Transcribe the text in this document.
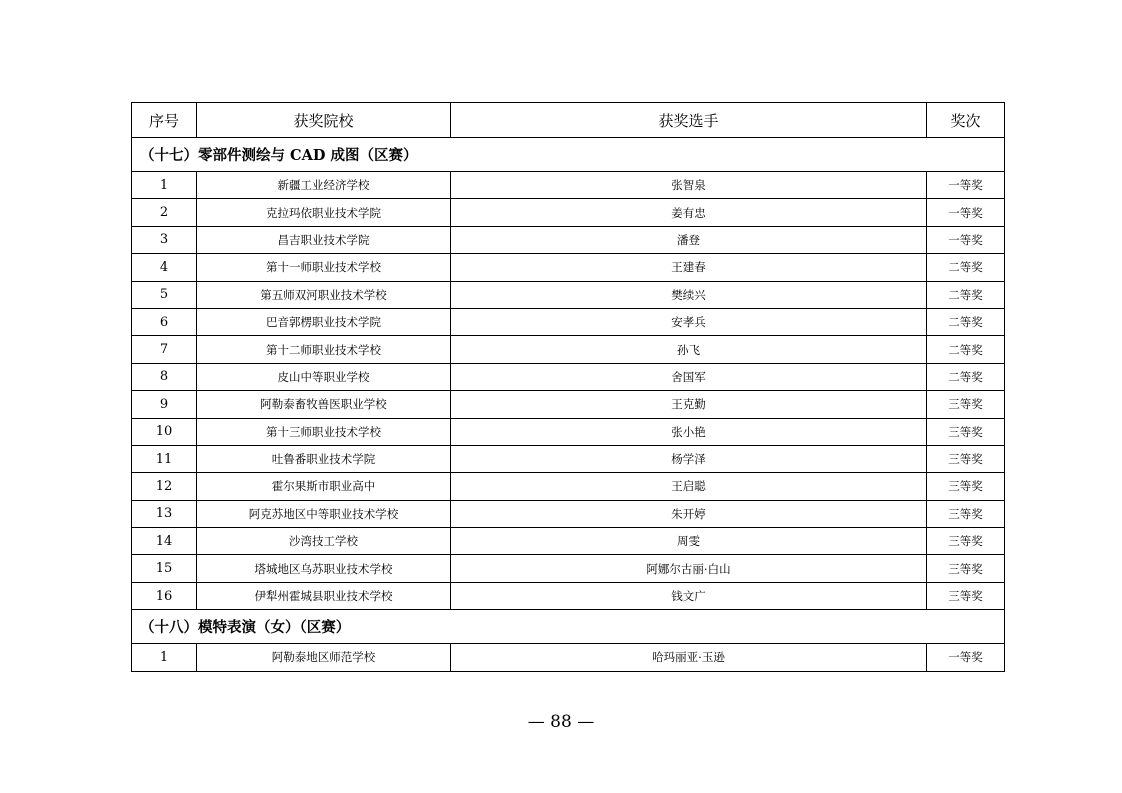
序号	获奖院校	获奖选手	奖次
（十七）零部件测绘与 CAD 成图（区赛）			
1	新疆工业经济学校	张智泉	一等奖
2	克拉玛依职业技术学院	姜有忠	一等奖
3	昌吉职业技术学院	潘登	一等奖
4	第十一师职业技术学校	王建春	二等奖
5	第五师双河职业技术学校	樊续兴	二等奖
6	巴音郭楞职业技术学院	安孝兵	二等奖
7	第十二师职业技术学校	孙飞	二等奖
8	皮山中等职业学校	舍国军	二等奖
9	阿勒泰畜牧兽医职业学校	王克勤	三等奖
10	第十三师职业技术学校	张小艳	三等奖
11	吐鲁番职业技术学院	杨学泽	三等奖
12	霍尔果斯市职业高中	王启聪	三等奖
13	阿克苏地区中等职业技术学校	朱开婷	三等奖
14	沙湾技工学校	周雯	三等奖
15	塔城地区乌苏职业技术学校	阿娜尔古丽·白山	三等奖
16	伊犁州霍城县职业技术学校	钱文广	三等奖
（十八）模特表演（女）（区赛）			
1	阿勒泰地区师范学校	哈玛丽亚·玉逊	一等奖
— 88 —
